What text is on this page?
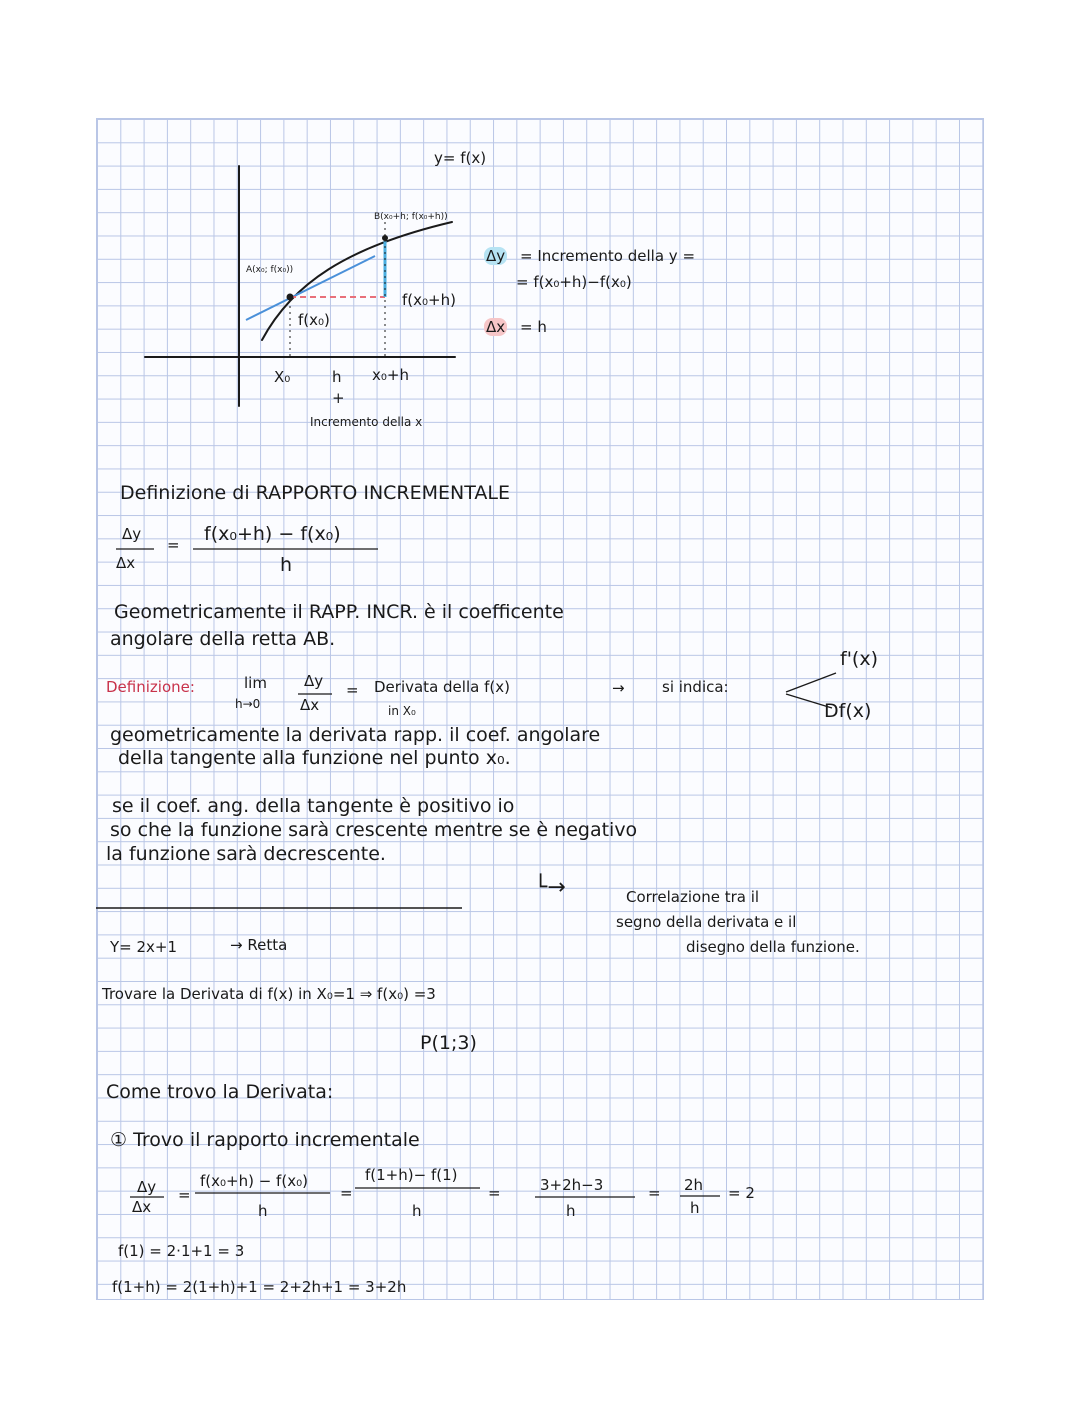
y= f(x)
B(x₀+h; f(x₀+h))
A(x₀; f(x₀))
f(x₀+h)
f(x₀)
X₀	h x₀+h
+
Incremento della x
Δy = Incremento della y =
= f(x₀+h)−f(x₀)
Δx = h
Definizione di RAPPORTO INCREMENTALE
Δy
Δx
= f(x₀+h) − f(x₀)
h
Geometricamente il RAPP. INCR. è il coefficente
angolare della retta AB.
Definizione:	lim
h→0
Δy
Δx
= Derivata della f(x)
in X₀
→ si indica:
f'(x)
Df(x)
geometricamente la derivata rapp. il coef. angolare
della tangente alla funzione nel punto x₀.
se il coef. ang. della tangente è positivo io
so che la funzione sarà crescente mentre se è negativo
la funzione sarà decrescente.
└→	Correlazione tra il
segno della derivata e il
disegno della funzione.
Y= 2x+1	→ Retta
Trovare la Derivata di f(x) in X₀=1 ⇒ f(x₀) =3
P(1;3)
Come trovo la Derivata:
① Trovo il rapporto incrementale
Δy
Δx
=
f(x₀+h) − f(x₀)
h
=
f(1+h)− f(1)
h
=	3+2h−3
h
= 2h
h
= 2
f(1) = 2·1+1 = 3
f(1+h) = 2(1+h)+1 = 2+2h+1 = 3+2h
